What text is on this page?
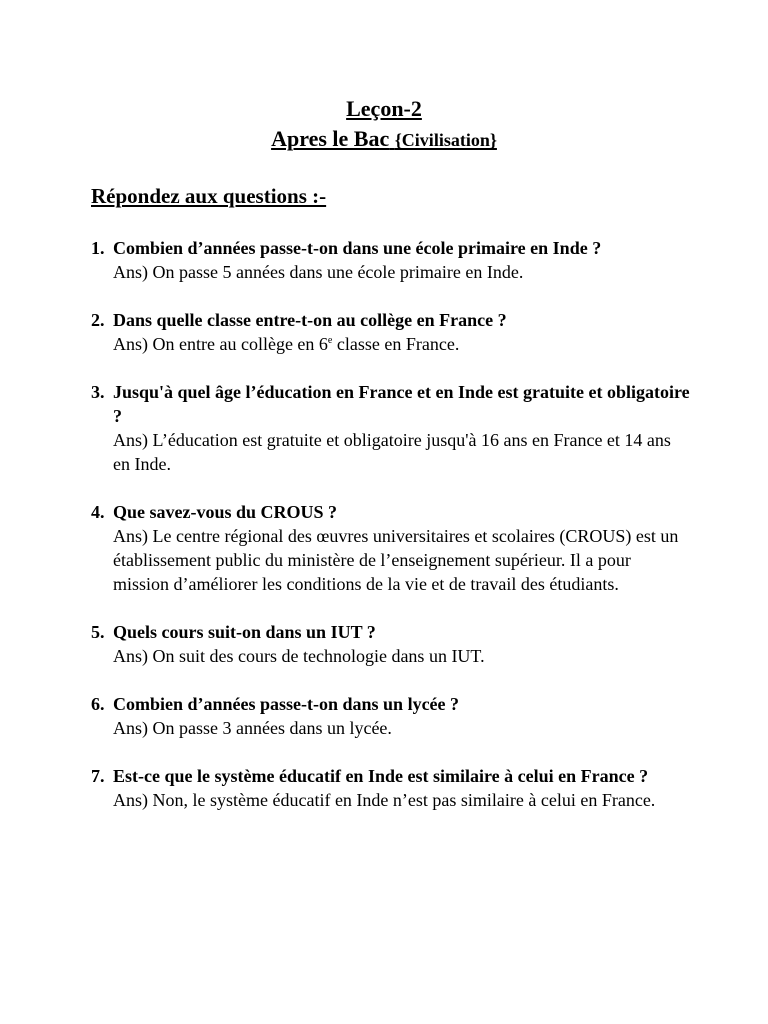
Leçon-2

Apres le Bac {Civilisation}

Répondez aux questions :-

1. Combien d’années passe-t-on dans une école primaire en Inde ?
Ans) On passe 5 années dans une école primaire en Inde.
2. Dans quelle classe entre-t-on au collège en France ?
Ans) On entre au collège en 6e classe en France.
3. Jusqu'à quel âge l’éducation en France et en Inde est gratuite et obligatoire ?
Ans) L’éducation est gratuite et obligatoire jusqu'à 16 ans en France et 14 ans en Inde.
4. Que savez-vous du CROUS ?
Ans) Le centre régional des œuvres universitaires et scolaires (CROUS) est un établissement public du ministère de l’enseignement supérieur. Il a pour mission d’améliorer les conditions de la vie et de travail des étudiants.
5. Quels cours suit-on dans un IUT ?
Ans) On suit des cours de technologie dans un IUT.
6. Combien d’années passe-t-on dans un lycée ?
Ans) On passe 3 années dans un lycée.
7. Est-ce que le système éducatif en Inde est similaire à celui en France ?
Ans) Non, le système éducatif en Inde n’est pas similaire à celui en France.
